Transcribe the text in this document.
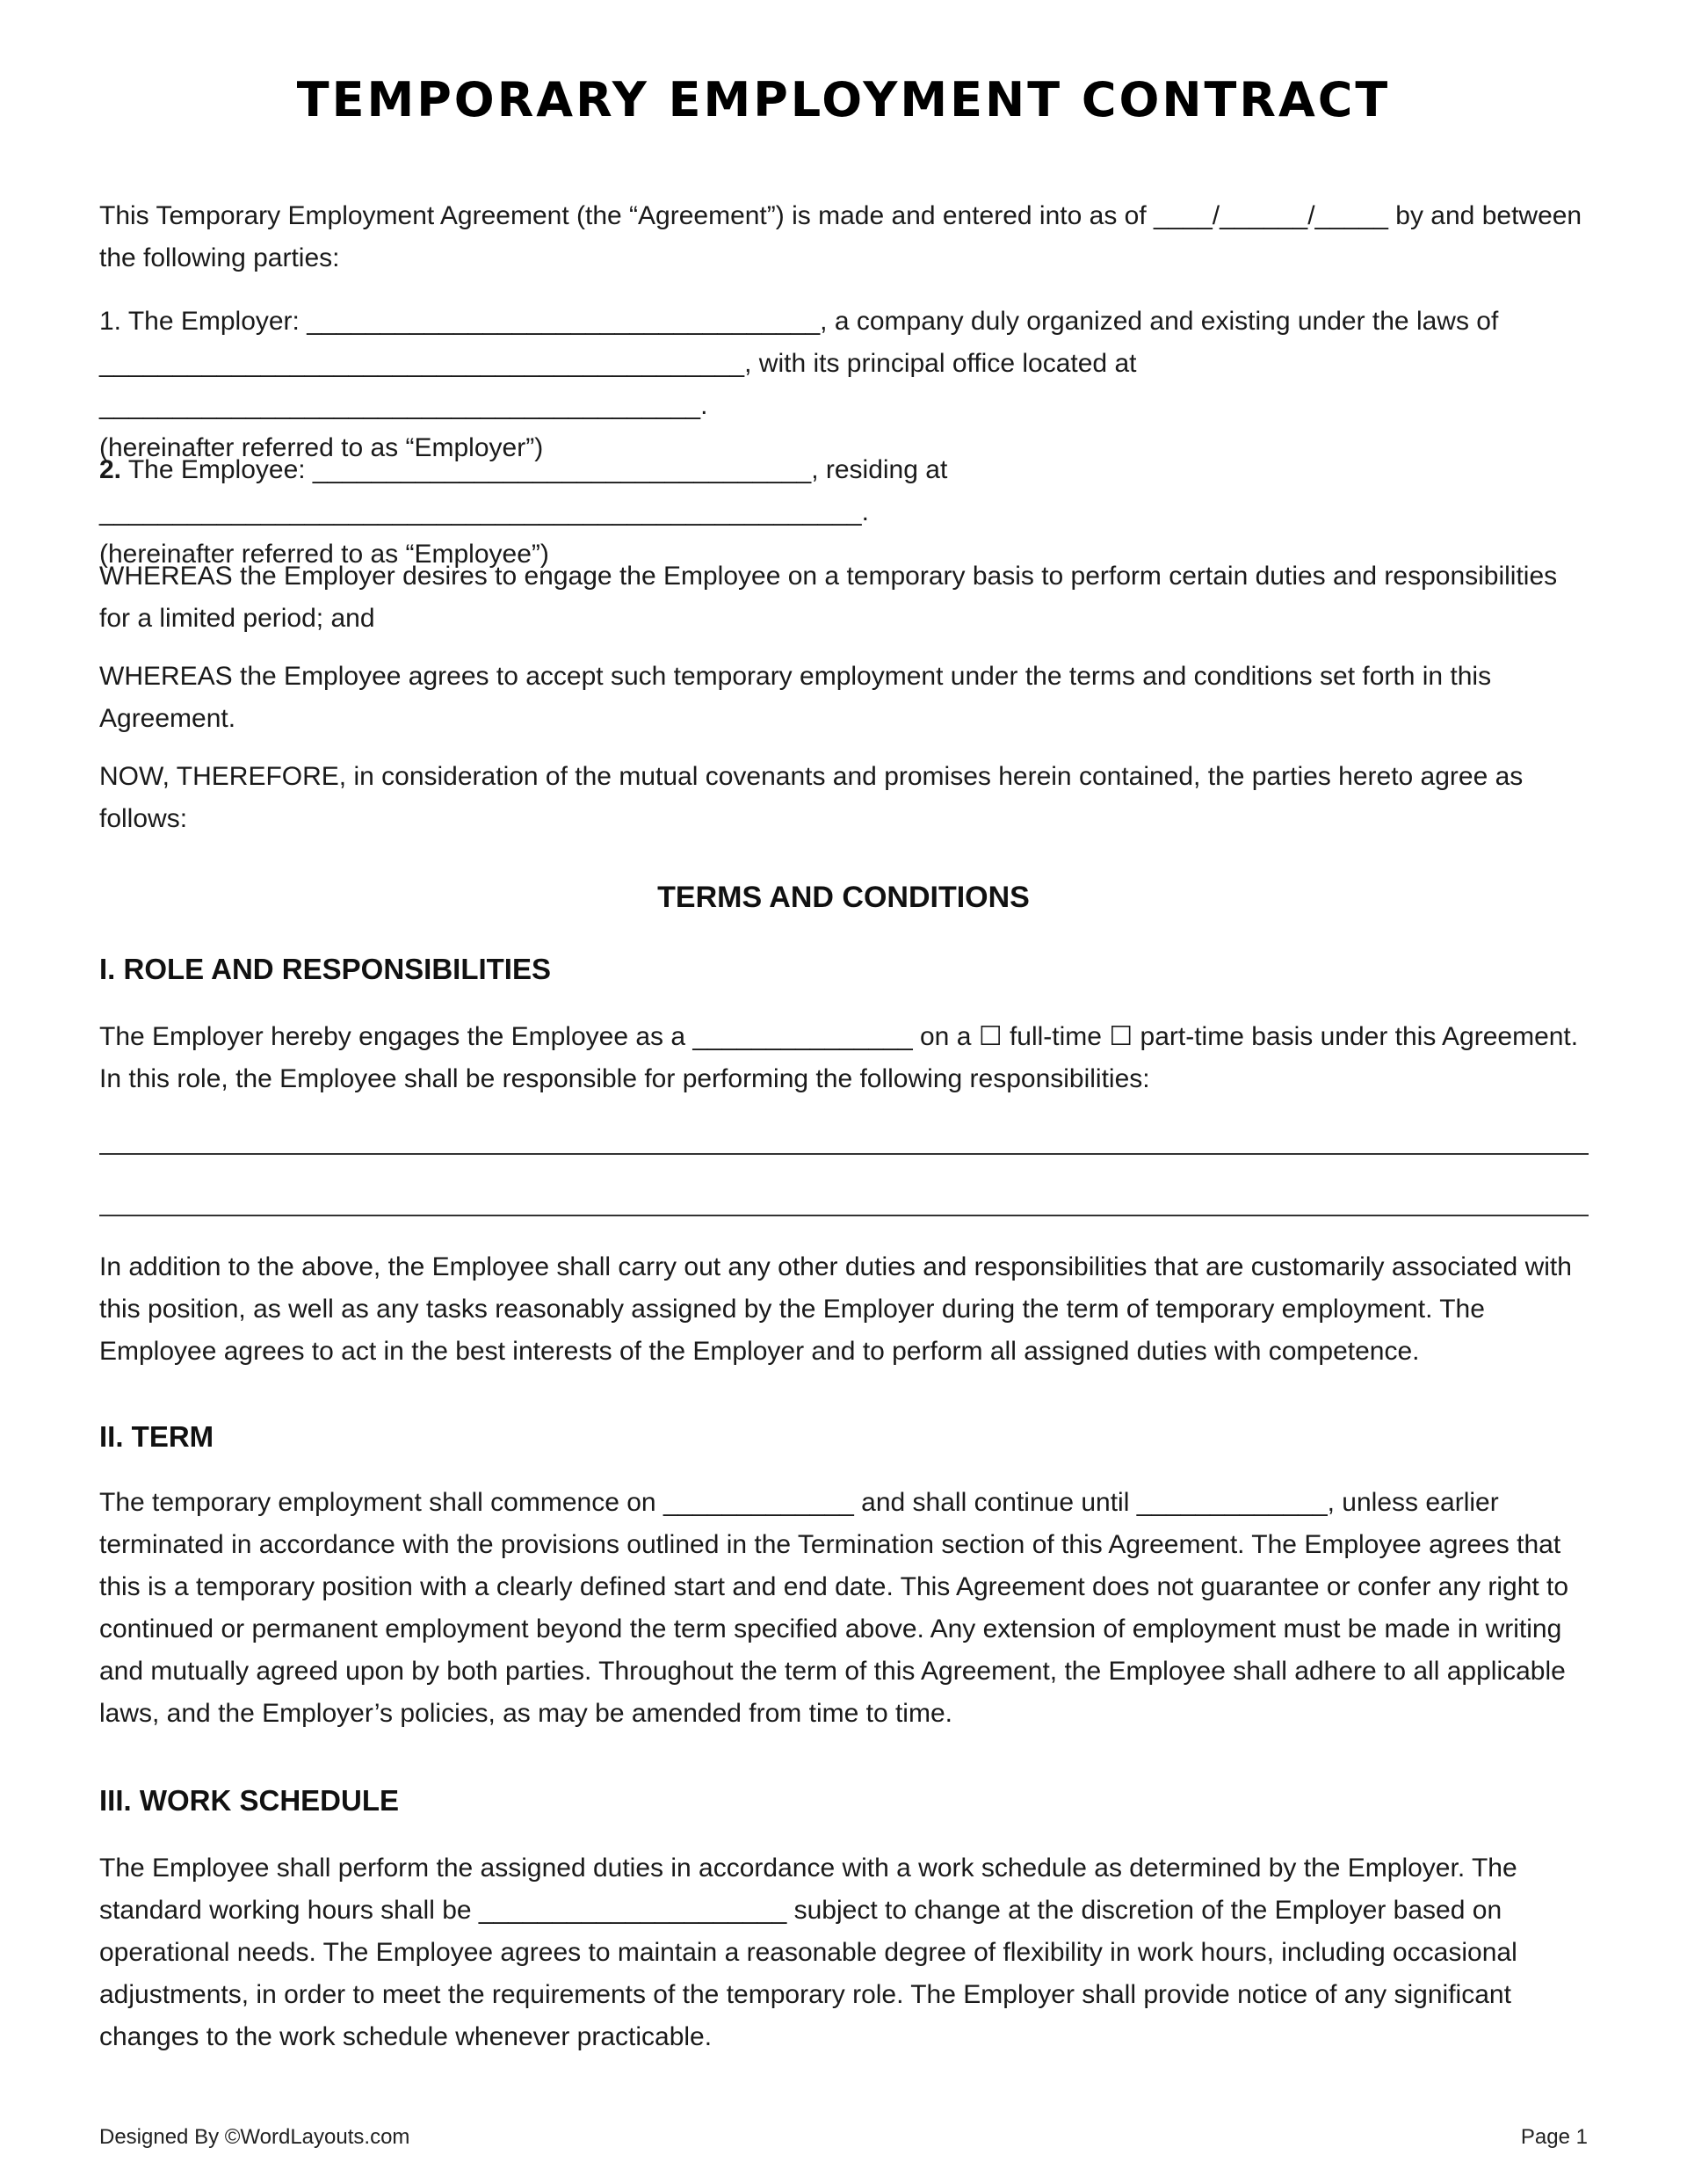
TEMPORARY EMPLOYMENT CONTRACT

This Temporary Employment Agreement (the “Agreement”) is made and entered into as of ____/______/_____ by and between the following parties:

1. The Employer: ___________________________________, a company duly organized and existing under the laws of

____________________________________________, with its principal office located at _________________________________________.

(hereinafter referred to as “Employer”)

2. The Employee: __________________________________, residing at ____________________________________________________.

(hereinafter referred to as “Employee”)

WHEREAS the Employer desires to engage the Employee on a temporary basis to perform certain duties and responsibilities for a limited period; and

WHEREAS the Employee agrees to accept such temporary employment under the terms and conditions set forth in this Agreement.

NOW, THEREFORE, in consideration of the mutual covenants and promises herein contained, the parties hereto agree as follows:

TERMS AND CONDITIONS
I. ROLE AND RESPONSIBILITIES

The Employer hereby engages the Employee as a _______________ on a ☐ full-time ☐ part-time basis under this Agreement. In this role, the Employee shall be responsible for performing the following responsibilities:

In addition to the above, the Employee shall carry out any other duties and responsibilities that are customarily associated with this position, as well as any tasks reasonably assigned by the Employer during the term of temporary employment. The Employee agrees to act in the best interests of the Employer and to perform all assigned duties with competence.

II. TERM

The temporary employment shall commence on _____________ and shall continue until _____________, unless earlier terminated in accordance with the provisions outlined in the Termination section of this Agreement. The Employee agrees that this is a temporary position with a clearly defined start and end date. This Agreement does not guarantee or confer any right to continued or permanent employment beyond the term specified above. Any extension of employment must be made in writing and mutually agreed upon by both parties. Throughout the term of this Agreement, the Employee shall adhere to all applicable laws, and the Employer’s policies, as may be amended from time to time.

III. WORK SCHEDULE

The Employee shall perform the assigned duties in accordance with a work schedule as determined by the Employer. The standard working hours shall be _____________________ subject to change at the discretion of the Employer based on operational needs. The Employee agrees to maintain a reasonable degree of flexibility in work hours, including occasional adjustments, in order to meet the requirements of the temporary role. The Employer shall provide notice of any significant changes to the work schedule whenever practicable.

Designed By ©WordLayouts.com	Page 1
